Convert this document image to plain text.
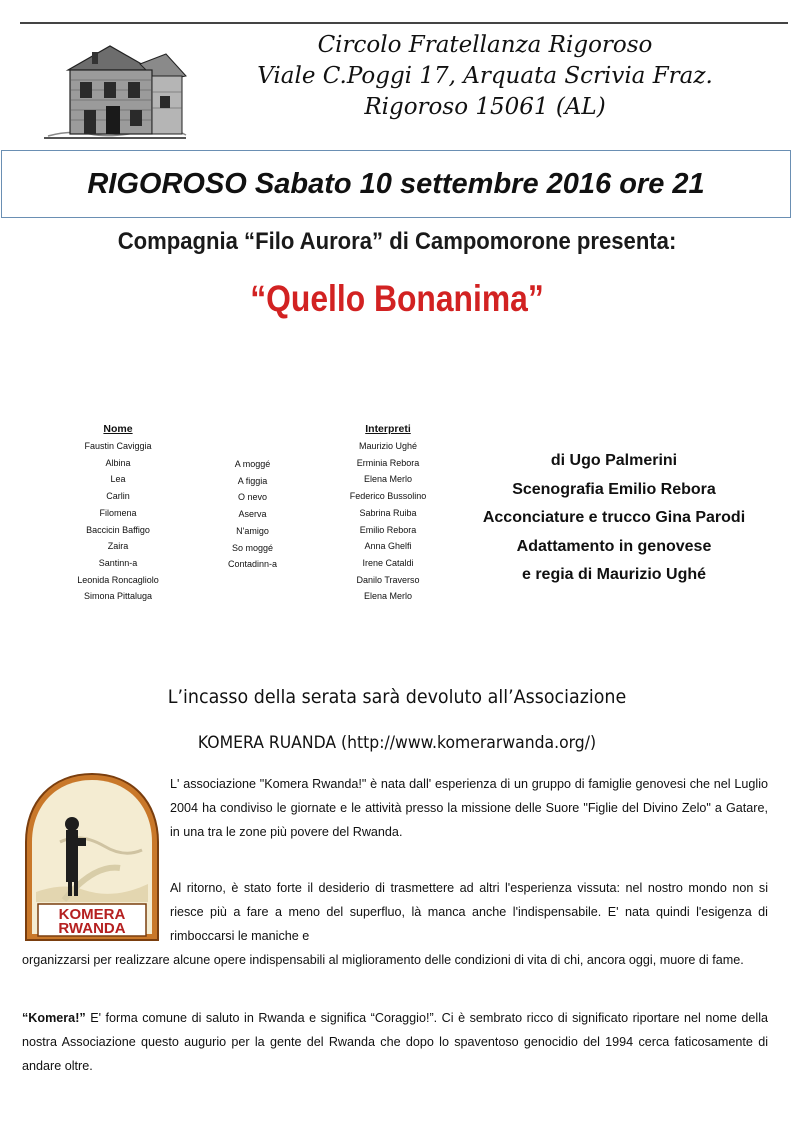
Circolo Fratellanza Rigoroso
Viale C.Poggi 17, Arquata Scrivia Fraz.
Rigoroso 15061 (AL)
RIGOROSO Sabato 10 settembre 2016 ore 21
Compagnia “Filo Aurora” di Campomorone presenta:
“Quello Bonanima”
Nome
Faustin Caviggia
Albina
Lea
Carlin
Filomena
Baccicin Baffigo
Zaira
Santinn-a
Leonida Roncagliolo
Simona Pittaluga
A moggé
A figgia
O nevo
Aserva
N'amigo
So moggé
Contadinn-a
Interpreti
Maurizio Ughé
Erminia Rebora
Elena Merlo
Federico Bussolino
Sabrina Ruiba
Emilio Rebora
Anna Ghelfi
Irene Cataldi
Danilo Traverso
Elena Merlo
di Ugo Palmerini
Scenografia Emilio Rebora
Acconciature e trucco Gina Parodi
Adattamento in genovese
e regia di Maurizio Ughé
L’incasso della serata sarà devoluto all’Associazione
KOMERA RUANDA (http://www.komerarwanda.org/)
KOMERA
RWANDA

L' associazione "Komera Rwanda!" è nata dall' esperienza di un gruppo di famiglie genovesi che nel Luglio 2004 ha condiviso le giornate e le attività presso la missione delle Suore "Figlie del Divino Zelo" a Gatare, in una tra le zone più povere del Rwanda.

Al ritorno, è stato forte il desiderio di trasmettere ad altri l'esperienza vissuta: nel nostro mondo non si riesce più a fare a meno del superfluo, là manca anche l'indispensabile. E' nata quindi l'esigenza di rimboccarsi le maniche e

organizzarsi per realizzare alcune opere indispensabili al miglioramento delle condizioni di vita di chi, ancora oggi, muore di fame.

“Komera!” E' forma comune di saluto in Rwanda e significa “Coraggio!”. Ci è sembrato ricco di significato riportare nel nome della nostra Associazione questo augurio per la gente del Rwanda che dopo lo spaventoso genocidio del 1994 cerca faticosamente di andare oltre.
